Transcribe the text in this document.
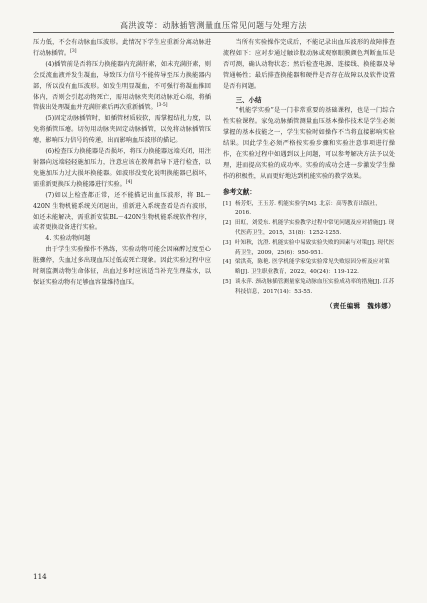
高洪波等：动脉插管测量血压常见问题与处理方法

压力低，不会有动脉血压波形。此情况下学生应重新分离动脉进行动脉插管。[3]

(4)插管前是否将压力换能器内充满肝素，如未充满肝素，则会反流血液并发生凝血，导致压力信号不能传导至压力换能器内部，所以没有血压波形。如发生明显凝血，不可强行将凝血推回体内，否则会引起动物死亡，需用动脉夹夹闭动脉近心端，将插管拔出处理凝血并充满肝素后再次重新插管。[3-5]

(5)固定动脉插管时，如插管材质较软，需掌握结扎力度，以免将插管压瘪。切勿用动脉夹固定动脉插管，以免将动脉插管压瘪，影响压力信号的传递，出而影响血压波形的描记。

(6)检查压力换能器是否损坏，将压力换能器远端关闭，用注射器向远端轻轻施加压力，注意应该在教师指导下进行检查，以免施加压力过大损坏换能器。如波形没变化说明换能器已损坏，需重新更换压力换能器进行实验。[4]

(7)如以上检查都正常，还不能描记出血压波形，将 BL－420N 生物机能系统关闭退出，重新进入系统查看是否有波形，如还未能解决，需重新安装BL－420N生物机能系统软件程序，或者更换设备进行实验。

4. 实验动物问题

由于学生实验操作不熟练，实验动物可能会因麻醉过度至心脏骤停，失血过多出现血压过低或死亡现象。因此实验过程中应时刻监测动物生命体征，出血过多时应该适当补充生理盐水，以保证实验动物有足够血容量维持血压。

当所有实验操作完成后，不能记录出血压波形的故障排查流程如下：应对步通过触诊股动脉或观察眼膜颜色判断血压是否可测，确认动物状态；然后检查电源、连接线、换能器及导管通畅性；最后排查换能器和硬件是否存在故障以及软件设置是否有问题。

三、小结

“机能学实验”是一门非常重要的基础课程，也是一门综合性实验课程。家兔动脉插管测量血压基本操作技术是学生必须掌握的基本技能之一，学生实验时如操作不当将直接影响实验结果。因此学生必须严格按实验步骤和实验注意事项进行操作，在实验过程中如遇到以上问题，可以参考解决方法予以处理，进而提高实验的成功率。实验的成功会进一步激发学生操作的积极性，从而更好地达到机能实验的教学效果。

参考文献：
[1] 杨芳炬，王玉芳. 机能实验学[M]. 北京：高等教育出版社，2016.
[2] 田虹，刘爱东. 机能学实验教学过程中常见问题及应对措施[J]. 现代医药卫生，2015，31(8)：1252-1255.
[3] 叶知秋，沈澄. 机能实验中易致实验失败的因素与对策[J]. 现代医药卫生，2009，25(6)：950-951.
[4] 梁洪英，陈艳. 医学机能学家兔实验常见失败原因分析及应对策略[J]. 卫生职业教育，2022，40(24)：119-122.
[5] 谈永萍. 颈动脉插管测量家兔动脉血压实验成功率的措施[J]. 江苏科技信息，2017(14)：53-55.
（责任编辑　魏炜娜）
114
